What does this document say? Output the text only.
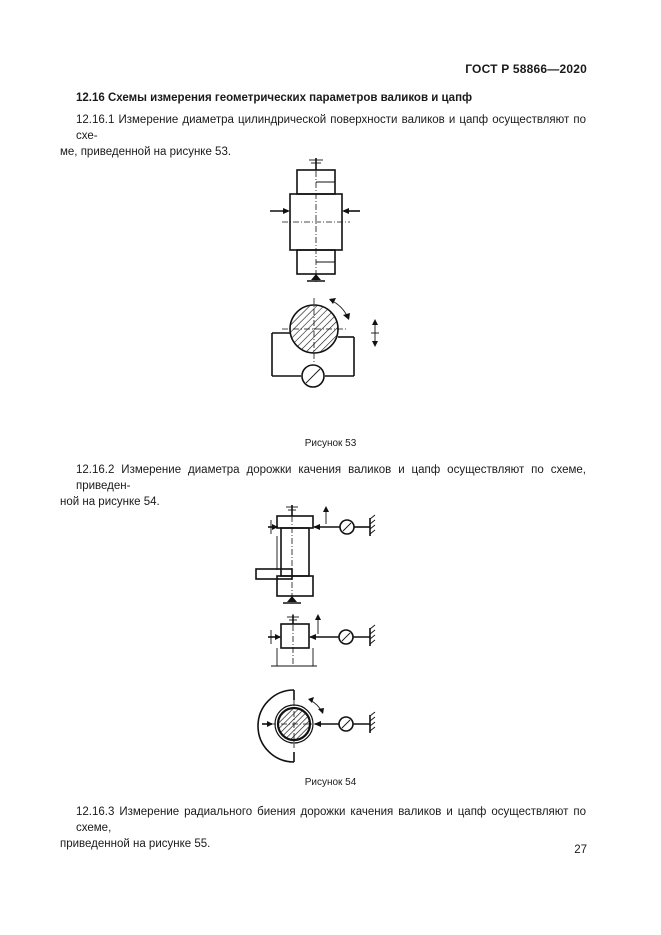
ГОСТ Р 58866—2020
12.16 Схемы измерения геометрических параметров валиков и цапф
12.16.1 Измерение диаметра цилиндрической поверхности валиков и цапф осуществляют по схе-
ме, приведенной на рисунке 53.
Рисунок 53
12.16.2 Измерение диаметра дорожки качения валиков и цапф осуществляют по схеме, приведен-
ной на рисунке 54.
Рисунок 54
12.16.3 Измерение радиального биения дорожки качения валиков и цапф осуществляют по схеме,
приведенной на рисунке 55.	27
